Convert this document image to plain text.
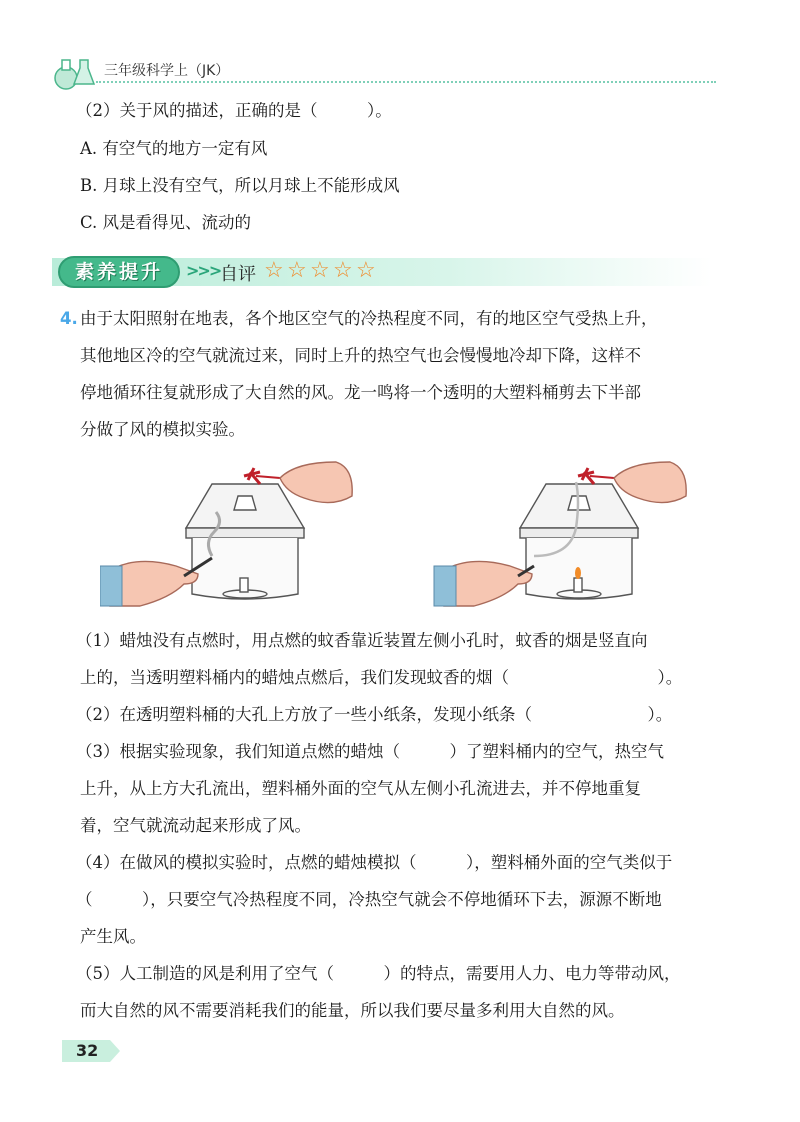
三年级科学上（JK）
（2）关于风的描述，正确的是（　　　）。
A. 有空气的地方一定有风
B. 月球上没有空气，所以月球上不能形成风
C. 风是看得见、流动的
素养提升	>>> 自评 ☆ ☆ ☆ ☆ ☆
4. 由于太阳照射在地表，各个地区空气的冷热程度不同，有的地区空气受热上升，
其他地区冷的空气就流过来，同时上升的热空气也会慢慢地冷却下降，这样不
停地循环往复就形成了大自然的风。龙一鸣将一个透明的大塑料桶剪去下半部
分做了风的模拟实验。
（1）蜡烛没有点燃时，用点燃的蚊香靠近装置左侧小孔时，蚊香的烟是竖直向
上的，当透明塑料桶内的蜡烛点燃后，我们发现蚊香的烟（　　　　　　　　　）。
（2）在透明塑料桶的大孔上方放了一些小纸条，发现小纸条（　　　　　　　）。
（3）根据实验现象，我们知道点燃的蜡烛（　　　）了塑料桶内的空气，热空气
上升，从上方大孔流出，塑料桶外面的空气从左侧小孔流进去，并不停地重复
着，空气就流动起来形成了风。
（4）在做风的模拟实验时，点燃的蜡烛模拟（　　　），塑料桶外面的空气类似于
（　　　），只要空气冷热程度不同，冷热空气就会不停地循环下去，源源不断地
产生风。
（5）人工制造的风是利用了空气（　　　）的特点，需要用人力、电力等带动风，
而大自然的风不需要消耗我们的能量，所以我们要尽量多利用大自然的风。
32
